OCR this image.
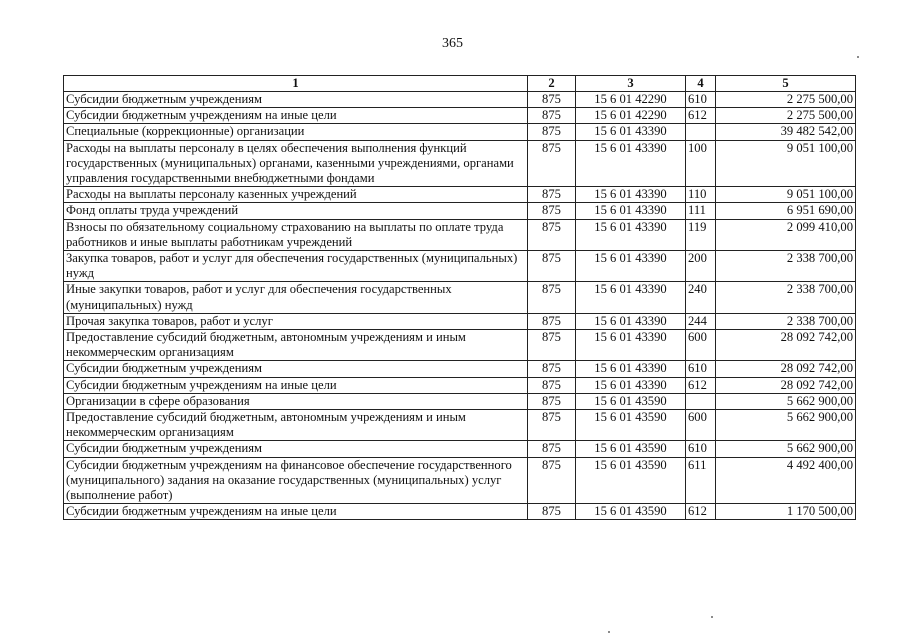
365
1	2	3	4	5
Субсидии бюджетным учреждениям	875	15 6 01 42290	610	2 275 500,00
Субсидии бюджетным учреждениям на иные цели	875	15 6 01 42290	612	2 275 500,00
Специальные (коррекционные) организации	875	15 6 01 43390		39 482 542,00
Расходы на выплаты персоналу в целях обеспечения выполнения функций государственных (муниципальных) органами, казенными учреждениями, органами управления государственными внебюджетными фондами	875	15 6 01 43390	100	9 051 100,00
Расходы на выплаты персоналу казенных учреждений	875	15 6 01 43390	110	9 051 100,00
Фонд оплаты труда учреждений	875	15 6 01 43390	111	6 951 690,00
Взносы по обязательному социальному страхованию на выплаты по оплате труда работников и иные выплаты работникам учреждений	875	15 6 01 43390	119	2 099 410,00
Закупка товаров, работ и услуг для обеспечения государственных (муниципальных) нужд	875	15 6 01 43390	200	2 338 700,00
Иные закупки товаров, работ и услуг для обеспечения государственных (муниципальных) нужд	875	15 6 01 43390	240	2 338 700,00
Прочая закупка товаров, работ и услуг	875	15 6 01 43390	244	2 338 700,00
Предоставление субсидий бюджетным, автономным учреждениям и иным некоммерческим организациям	875	15 6 01 43390	600	28 092 742,00
Субсидии бюджетным учреждениям	875	15 6 01 43390	610	28 092 742,00
Субсидии бюджетным учреждениям на иные цели	875	15 6 01 43390	612	28 092 742,00
Организации в сфере образования	875	15 6 01 43590		5 662 900,00
Предоставление субсидий бюджетным, автономным учреждениям и иным некоммерческим организациям	875	15 6 01 43590	600	5 662 900,00
Субсидии бюджетным учреждениям	875	15 6 01 43590	610	5 662 900,00
Субсидии бюджетным учреждениям на финансовое обеспечение государственного (муниципального) задания на оказание государственных (муниципальных) услуг (выполнение работ)	875	15 6 01 43590	611	4 492 400,00
Субсидии бюджетным учреждениям на иные цели	875	15 6 01 43590	612	1 170 500,00
